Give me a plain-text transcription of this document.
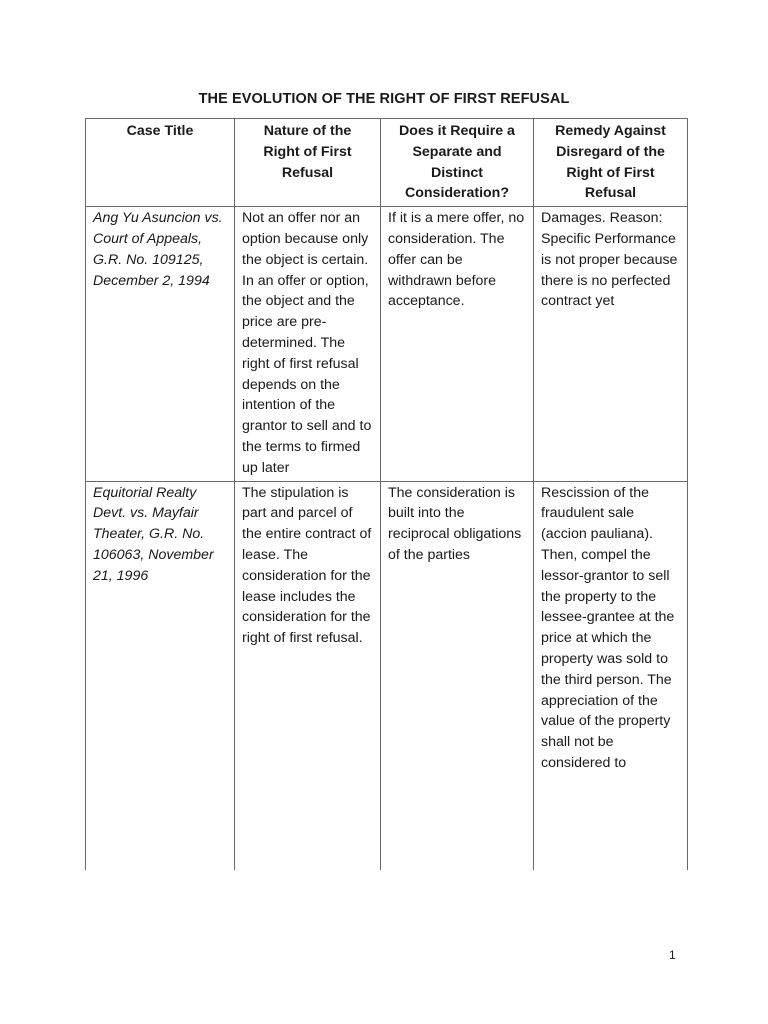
THE EVOLUTION OF THE RIGHT OF FIRST REFUSAL
Case Title	Nature of the Right of First Refusal	Does it Require a Separate and Distinct Consideration?	Remedy Against Disregard of the Right of First Refusal
Ang Yu Asuncion vs. Court of Appeals, G.R. No. 109125, December 2, 1994	Not an offer nor an option because only the object is certain. In an offer or option, the object and the price are pre-determined. The right of first refusal depends on the intention of the grantor to sell and to the terms to firmed up later	If it is a mere offer, no consideration. The offer can be withdrawn before acceptance.	Damages. Reason: Specific Performance is not proper because there is no perfected contract yet
Equitorial Realty Devt. vs. Mayfair Theater, G.R. No. 106063, November 21, 1996	The stipulation is part and parcel of the entire contract of lease. The consideration for the lease includes the consideration for the right of first refusal.	The consideration is built into the reciprocal obligations of the parties	Rescission of the fraudulent sale (accion pauliana). Then, compel the lessor-grantor to sell the property to the lessee-grantee at the price at which the property was sold to the third person. The appreciation of the value of the property shall not be considered to
1
